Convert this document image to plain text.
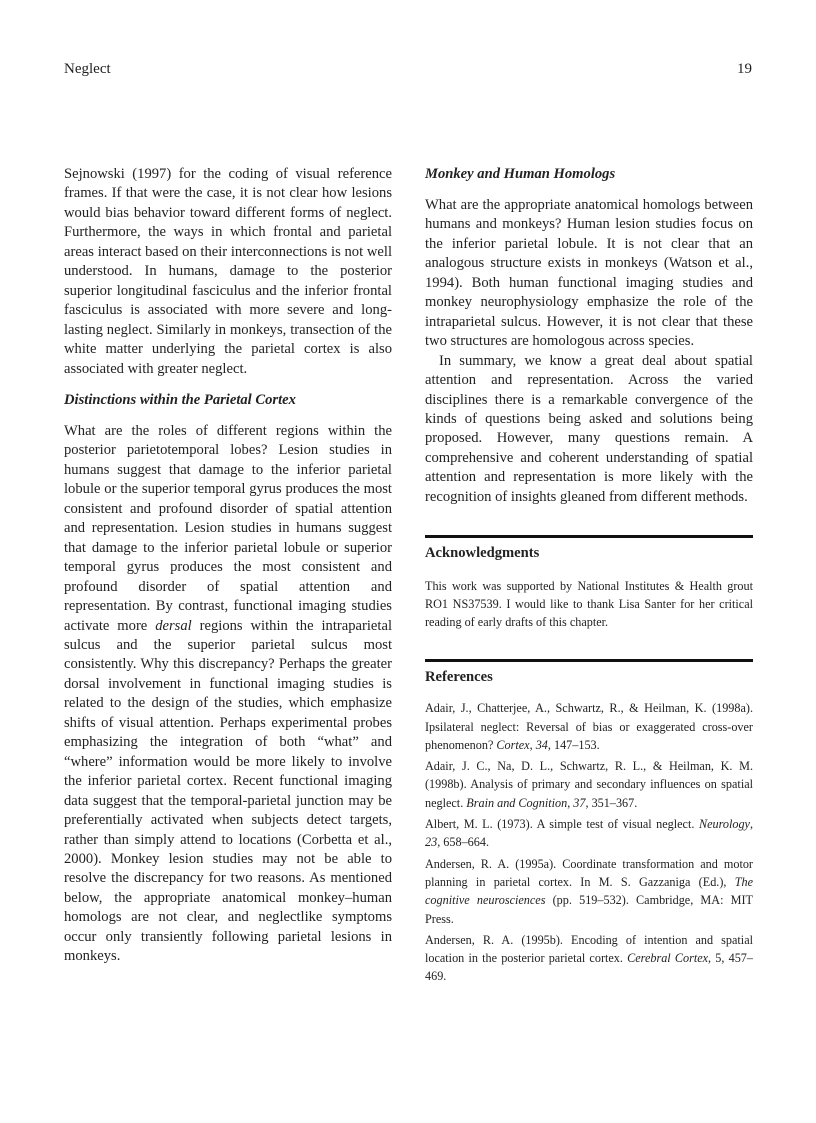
Neglect	19

Sejnowski (1997) for the coding of visual reference frames. If that were the case, it is not clear how lesions would bias behavior toward different forms of neglect. Furthermore, the ways in which frontal and parietal areas interact based on their interconnections is not well understood. In humans, damage to the posterior superior longitudinal fasciculus and the inferior frontal fasciculus is associated with more severe and long-lasting neglect. Similarly in monkeys, transection of the white matter underlying the parietal cortex is also associated with greater neglect.

Distinctions within the Parietal Cortex

What are the roles of different regions within the posterior parietotemporal lobes? Lesion studies in humans suggest that damage to the inferior parietal lobule or the superior temporal gyrus produces the most consistent and profound disorder of spatial attention and representation. Lesion studies in humans suggest that damage to the inferior parietal lobule or superior temporal gyrus produces the most consistent and profound disorder of spatial attention and representation. By contrast, functional imaging studies activate more dersal regions within the intraparietal sulcus and the superior parietal sulcus most consistently. Why this discrepancy? Perhaps the greater dorsal involvement in functional imaging studies is related to the design of the studies, which emphasize shifts of visual attention. Perhaps experimental probes emphasizing the integration of both “what” and “where” information would be more likely to involve the inferior parietal cortex. Recent functional imaging data suggest that the temporal-parietal junction may be preferentially activated when subjects detect targets, rather than simply attend to locations (Corbetta et al., 2000). Monkey lesion studies may not be able to resolve the discrepancy for two reasons. As mentioned below, the appropriate anatomical monkey–human homologs are not clear, and neglectlike symptoms occur only transiently following parietal lesions in monkeys.

Monkey and Human Homologs

What are the appropriate anatomical homologs between humans and monkeys? Human lesion studies focus on the inferior parietal lobule. It is not clear that an analogous structure exists in monkeys (Watson et al., 1994). Both human functional imaging studies and monkey neurophysiology emphasize the role of the intraparietal sulcus. However, it is not clear that these two structures are homologous across species.

In summary, we know a great deal about spatial attention and representation. Across the varied disciplines there is a remarkable convergence of the kinds of questions being asked and solutions being proposed. However, many questions remain. A comprehensive and coherent understanding of spatial attention and representation is more likely with the recognition of insights gleaned from different methods.

Acknowledgments

This work was supported by National Institutes & Health grout RO1 NS37539. I would like to thank Lisa Santer for her critical reading of early drafts of this chapter.

References

Adair, J., Chatterjee, A., Schwartz, R., & Heilman, K. (1998a). Ipsilateral neglect: Reversal of bias or exaggerated cross-over phenomenon? Cortex, 34, 147–153.

Adair, J. C., Na, D. L., Schwartz, R. L., & Heilman, K. M. (1998b). Analysis of primary and secondary influences on spatial neglect. Brain and Cognition, 37, 351–367.

Albert, M. L. (1973). A simple test of visual neglect. Neurology, 23, 658–664.

Andersen, R. A. (1995a). Coordinate transformation and motor planning in parietal cortex. In M. S. Gazzaniga (Ed.), The cognitive neurosciences (pp. 519–532). Cambridge, MA: MIT Press.

Andersen, R. A. (1995b). Encoding of intention and spatial location in the posterior parietal cortex. Cerebral Cortex, 5, 457–469.
